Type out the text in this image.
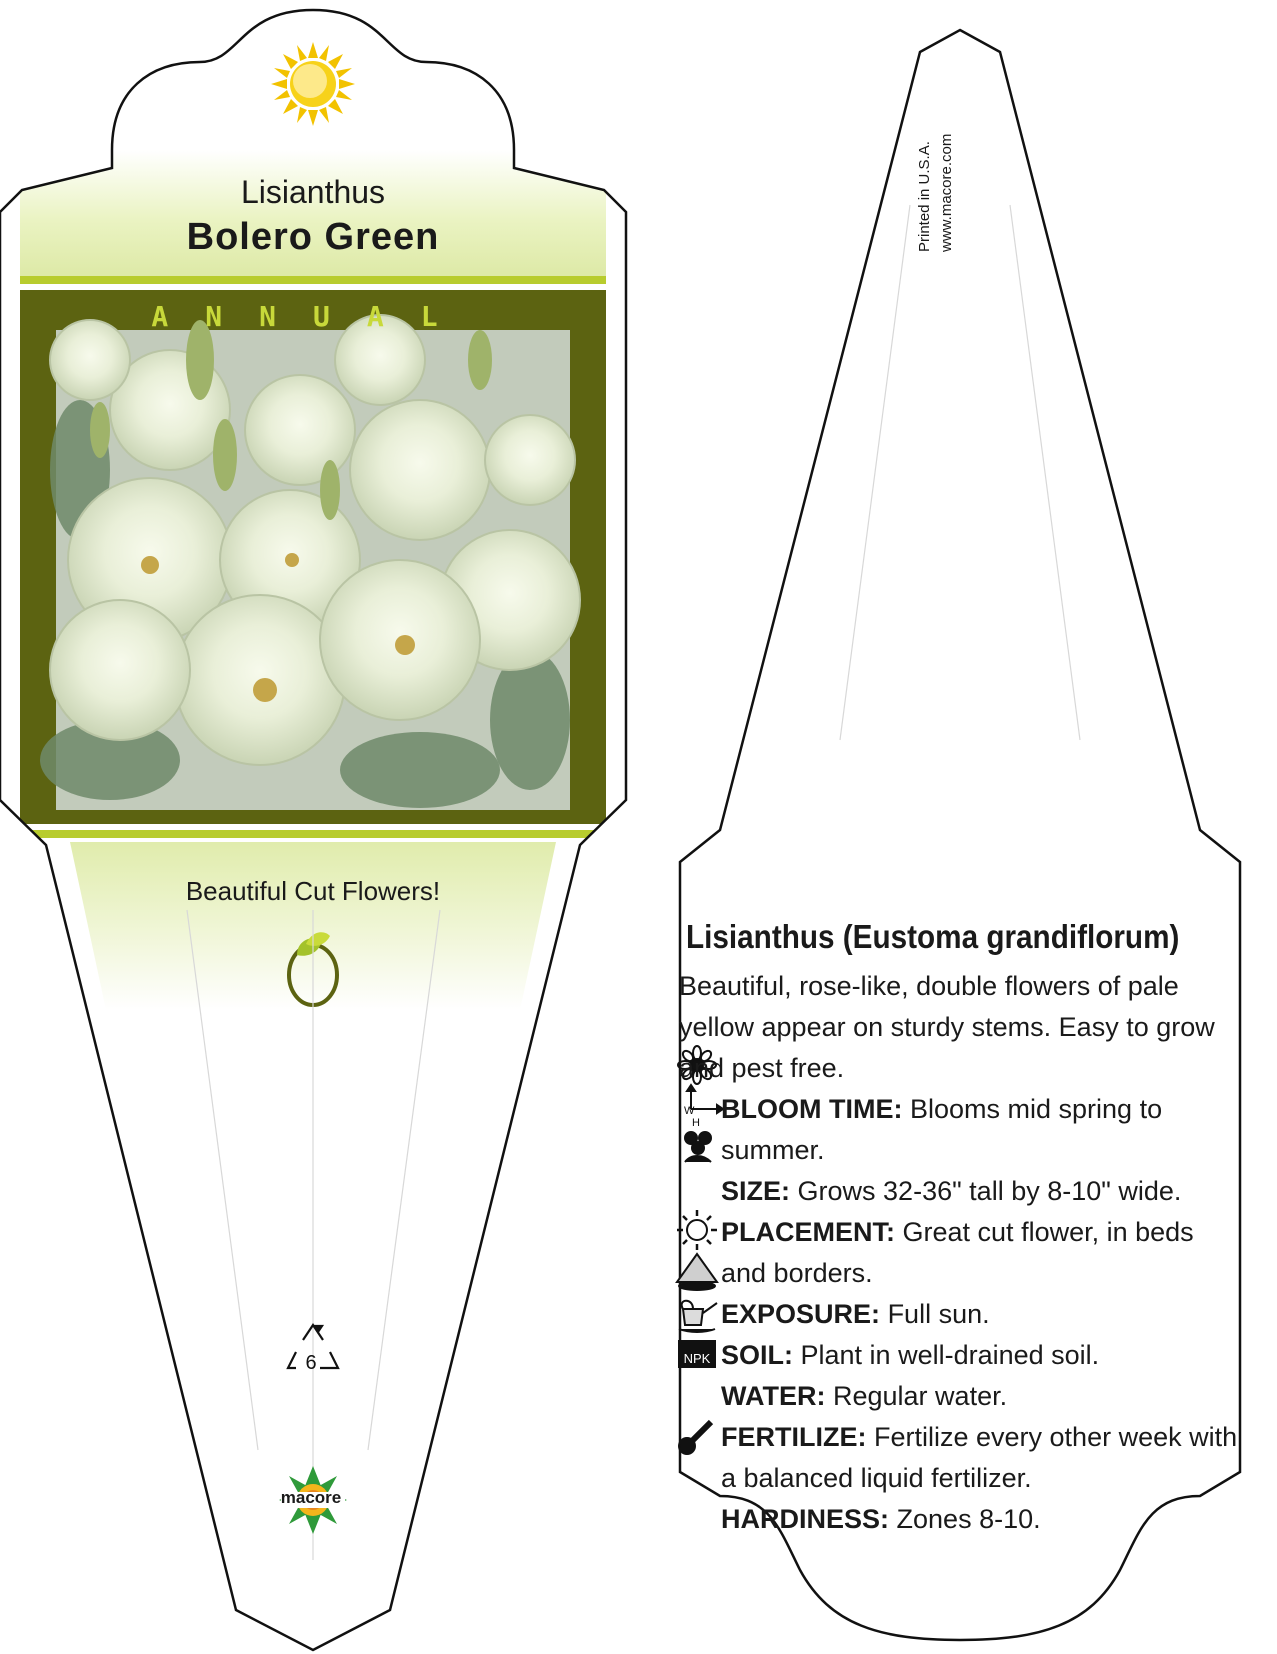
NPK
W
H
Lisianthus
Bolero Green
ANNUAL
Beautiful Cut Flowers!
6
macore
Printed in U.S.A. www.macore.com
Lisianthus (Eustoma grandiflorum)

Beautiful, rose-like, double flowers of pale yellow appear on sturdy stems. Easy to grow and pest free.

BLOOM TIME: Blooms mid spring to summer.
SIZE: Grows 32-36" tall by 8-10" wide.
PLACEMENT: Great cut flower, in beds and borders.
EXPOSURE: Full sun.
SOIL: Plant in well-drained soil.
WATER: Regular water.
FERTILIZE: Fertilize every other week with a balanced liquid fertilizer.
HARDINESS: Zones 8-10.
